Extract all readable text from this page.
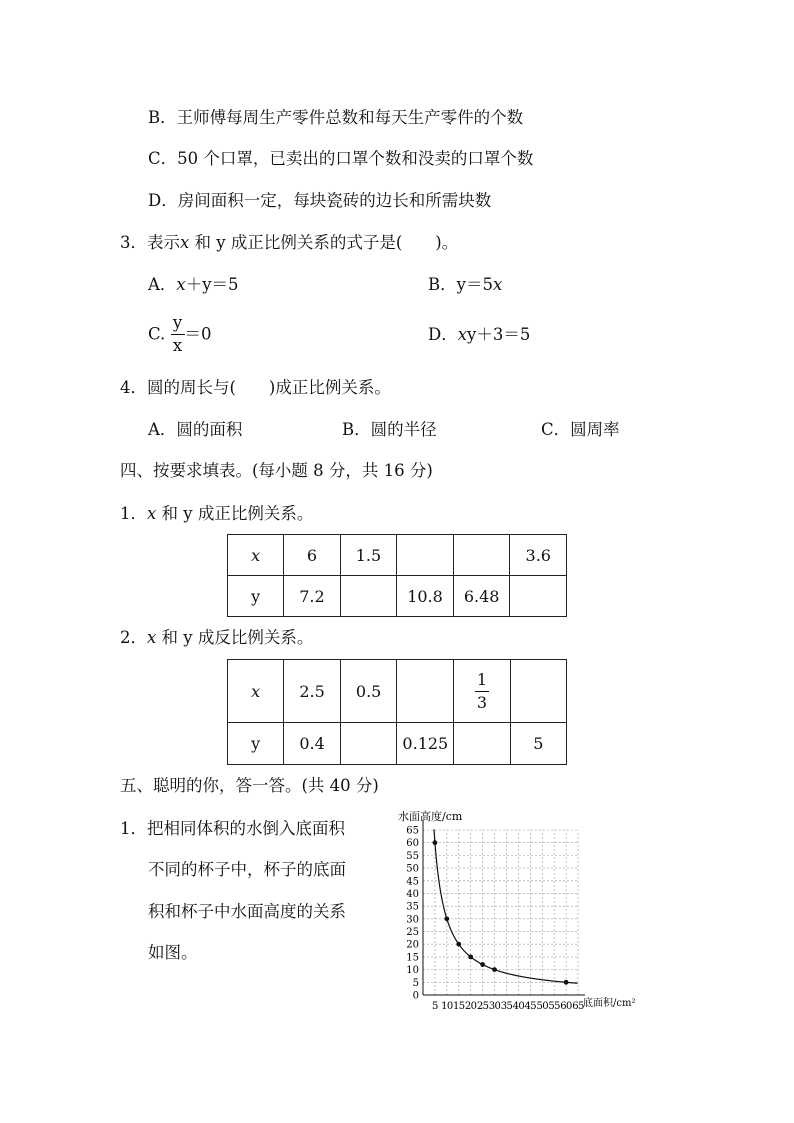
B．王师傅每周生产零件总数和每天生产零件的个数
C．50 个口罩，已卖出的口罩个数和没卖的口罩个数
D．房间面积一定，每块瓷砖的边长和所需块数
3．表示x 和 y 成正比例关系的式子是(　　)。
A．x＋y＝5	B．y＝5x
C. $\frac{y}{x} =0$	D．xy＋3＝5
4．圆的周长与(　　)成正比例关系。
A．圆的面积	B．圆的半径	C．圆周率
四、按要求填表。(每小题 8 分，共 16 分)
1．x 和 y 成正比例关系。
x	6	1.5			3.6
y	7.2		10.8	6.48	
2．x 和 y 成反比例关系。
x	2.5	0.5		$\frac{1}{3}$

y	0.4		0.125		5
五、聪明的你，答一答。(共 40 分)
1．把相同体积的水倒入底面积
不同的杯子中，杯子的底面
积和杯子中水面高度的关系
如图。
0
5
10
15
20
25
30
35
40
45
50
55
60
65
5 10 15 20 25 30 35 40 45 50 55 60 65
水面高度/cm
底面积/cm²
